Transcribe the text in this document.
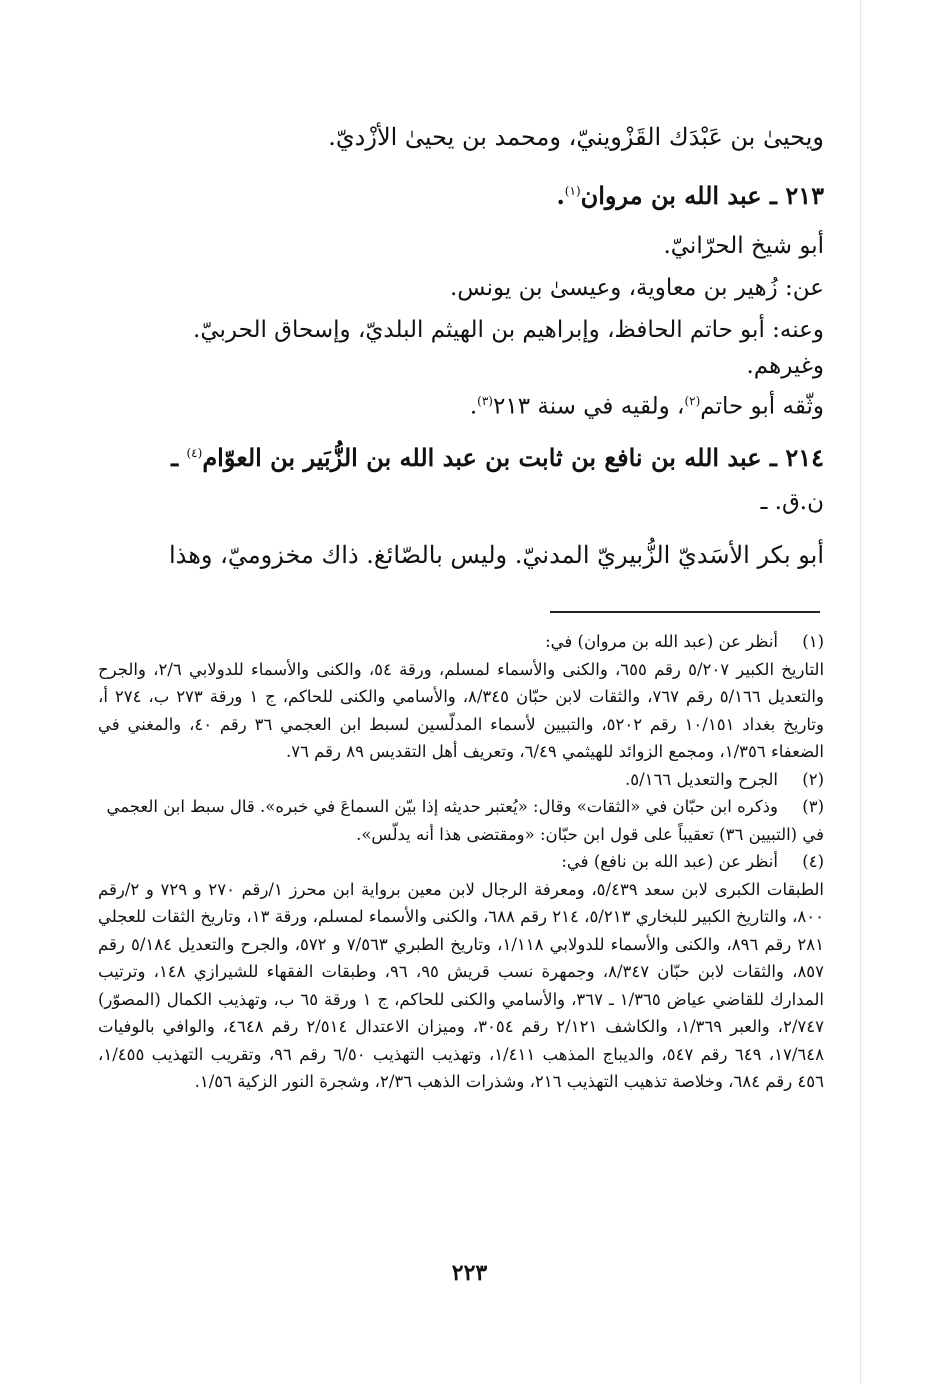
ويحيىٰ بن عَبْدَك القَزْوينيّ، ومحمد بن يحيىٰ الأزْديّ.

٢١٣ ـ عبد الله بن مروان$^{(١)}$.

أبو شيخ الحرّانيّ.

عن: زُهير بن معاوية، وعيسىٰ بن يونس.

وعنه: أبو حاتم الحافظ، وإبراهيم بن الهيثم البلديّ، وإسحاق الحربيّ.

وغيرهم.

وثّقه أبو حاتم$^{(٢)}$، ولقيه في سنة ٢١٣$^{(٣)}$.

٢١٤ ـ عبد الله بن نافع بن ثابت بن عبد الله بن الزُّبَير بن العوّام$^{(٤)}$ ـ

ن.ق. ـ

أبو بكر الأسَديّ الزُّبيريّ المدنيّ. وليس بالصّائغ. ذاك مخزوميّ، وهذا

(١)أنظر عن (عبد الله بن مروان) في:
التاريخ الكبير ٥/٢٠٧ رقم ٦٥٥، والكنى والأسماء لمسلم، ورقة ٥٤، والكنى والأسماء للدولابي ٢/٦، والجرح والتعديل ٥/١٦٦ رقم ٧٦٧، والثقات لابن حبّان ٨/٣٤٥، والأسامي والكنى للحاكم، ج ١ ورقة ٢٧٣ ب، ٢٧٤ أ، وتاريخ بغداد ١٠/١٥١ رقم ٥٢٠٢، والتبيين لأسماء المدلّسين لسبط ابن العجمي ٣٦ رقم ٤٠، والمغني في الضعفاء ١/٣٥٦، ومجمع الزوائد للهيثمي ٦/٤٩، وتعريف أهل التقديس ٨٩ رقم ٧٦.
(٢)الجرح والتعديل ٥/١٦٦.
(٣)وذكره ابن حبّان في «الثقات» وقال: «يُعتبر حديثه إذا بيّن السماعَ في خبره». قال سبط ابن العجمي في (التبيين ٣٦) تعقيباً على قول ابن حبّان: «ومقتضى هذا أنه يدلّس».
(٤)أنظر عن (عبد الله بن نافع) في:
الطبقات الكبرى لابن سعد ٥/٤٣٩، ومعرفة الرجال لابن معين برواية ابن محرز ١/رقم ٢٧٠ و ٧٢٩ و ٢/رقم ٨٠٠، والتاريخ الكبير للبخاري ٥/٢١٣، ٢١٤ رقم ٦٨٨، والكنى والأسماء لمسلم، ورقة ١٣، وتاريخ الثقات للعجلي ٢٨١ رقم ٨٩٦، والكنى والأسماء للدولابي ١/١١٨، وتاريخ الطبري ٧/٥٦٣ و ٥٧٢، والجرح والتعديل ٥/١٨٤ رقم ٨٥٧، والثقات لابن حبّان ٨/٣٤٧، وجمهرة نسب قريش ٩٥، ٩٦، وطبقات الفقهاء للشيرازي ١٤٨، وترتيب المدارك للقاضي عياض ١/٣٦٥ ـ ٣٦٧، والأسامي والكنى للحاكم، ج ١ ورقة ٦٥ ب، وتهذيب الكمال (المصوّر) ٢/٧٤٧، والعبر ١/٣٦٩، والكاشف ٢/١٢١ رقم ٣٠٥٤، وميزان الاعتدال ٢/٥١٤ رقم ٤٦٤٨، والوافي بالوفيات ١٧/٦٤٨، ٦٤٩ رقم ٥٤٧، والديباج المذهب ١/٤١١، وتهذيب التهذيب ٦/٥٠ رقم ٩٦، وتقريب التهذيب ١/٤٥٥، ٤٥٦ رقم ٦٨٤، وخلاصة تذهيب التهذيب ٢١٦، وشذرات الذهب ٢/٣٦، وشجرة النور الزكية ١/٥٦.
٢٢٣
